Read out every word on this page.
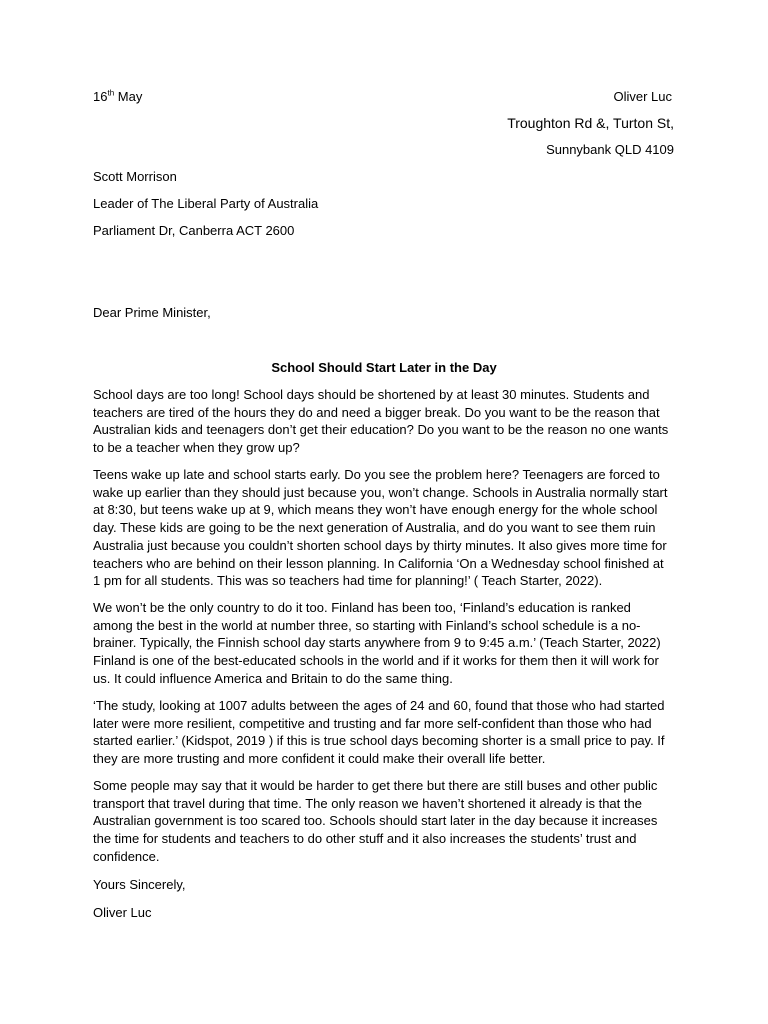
16th May	Oliver Luc
Troughton Rd &, Turton St,
Sunnybank QLD 4109
Scott Morrison
Leader of The Liberal Party of Australia
Parliament Dr, Canberra ACT 2600
Dear Prime Minister,
School Should Start Later in the Day
School days are too long! School days should be shortened by at least 30 minutes. Students and teachers are tired of the hours they do and need a bigger break. Do you want to be the reason that Australian kids and teenagers don’t get their education? Do you want to be the reason no one wants to be a teacher when they grow up?
Teens wake up late and school starts early. Do you see the problem here? Teenagers are forced to wake up earlier than they should just because you, won’t change. Schools in Australia normally start at 8:30, but teens wake up at 9, which means they won’t have enough energy for the whole school day. These kids are going to be the next generation of Australia, and do you want to see them ruin Australia just because you couldn’t shorten school days by thirty minutes. It also gives more time for teachers who are behind on their lesson planning. In California ‘On a Wednesday school finished at 1 pm for all students. This was so teachers had time for planning!’ ( Teach Starter, 2022).
We won’t be the only country to do it too. Finland has been too, ‘Finland’s education is ranked among the best in the world at number three, so starting with Finland’s school schedule is a no-brainer. Typically, the Finnish school day starts anywhere from 9 to 9:45 a.m.’ (Teach Starter, 2022) Finland is one of the best-educated schools in the world and if it works for them then it will work for us. It could influence America and Britain to do the same thing.
‘The study, looking at 1007 adults between the ages of 24 and 60, found that those who had started later were more resilient, competitive and trusting and far more self-confident than those who had started earlier.’ (Kidspot, 2019 ) if this is true school days becoming shorter is a small price to pay. If they are more trusting and more confident it could make their overall life better.
Some people may say that it would be harder to get there but there are still buses and other public transport that travel during that time. The only reason we haven’t shortened it already is that the Australian government is too scared too. Schools should start later in the day because it increases the time for students and teachers to do other stuff and it also increases the students’ trust and confidence.
Yours Sincerely,
Oliver Luc
